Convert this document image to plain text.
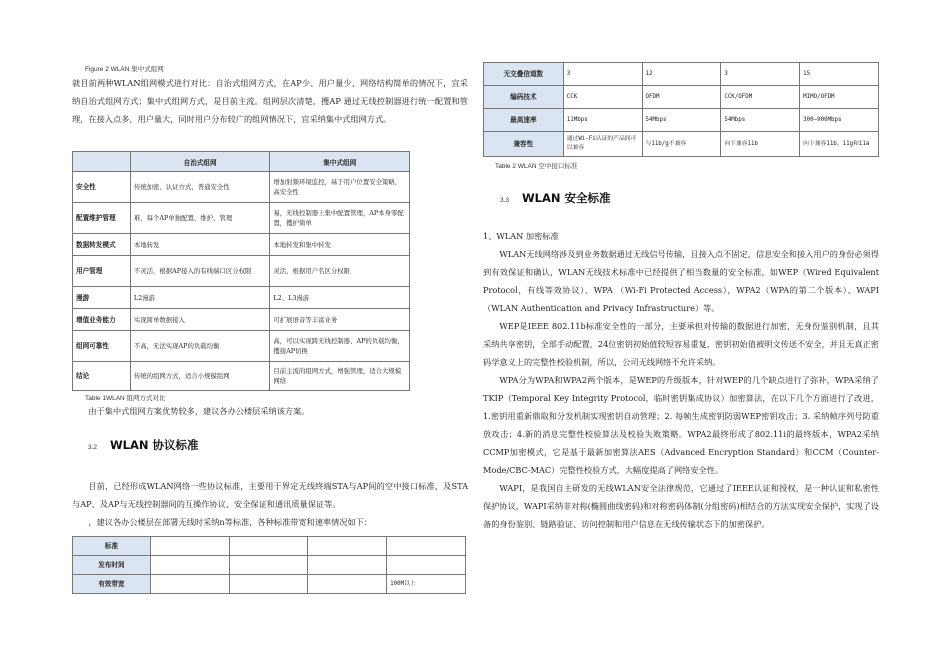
Figure 2 WLAN 集中式组网

就目前两种WLAN组网模式进行对比：自治式组网方式，在AP少、用户量少、网络结构简单的情况下，宜采纳自治式组网方式；集中式组网方式，是目前主流。组网层次清楚，擭AP 通过无线控制器进行统一配置和管理，在接入点多，用户量大，同时用户分布较广的组网情况下，宜采纳集中式组网方式。

	自治式组网	集中式组网
安全性	传统加密、认证方式，普通安全性	增加射频环境监控，基于用户位置安全策略，高安全性
配置维护管理	难，每个AP单独配置、维护、管理	易，无线控制器上集中配置管理，AP本身零配置，擭护简单
数据转发模式	本地转发	本地转发和集中转发
用户管理	不灵活，根据AP接入的有线端口区分权限	灵活，根据用户名区分权限
漫游	L2漫游	L2、L3漫游
增值业务能力	实现简单数据接入	可扩展语音等丰富业务
组网可靠性	不高，无法实现AP的负载均衡	高，可以实现跨无线控制器、AP的负载均衡，擭接AP切换
结论	传统的组网方式，适合小规模组网	目前主流的组网方式，增强管理，适合大规模网络
Table 1WLAN 组网方式对比

由于集中式组网方案优势较多，建议各办公楼层采纳该方案。

3.2	WLAN 协议标准

目前，已经形成WLAN网络一些协议标准，主要用于界定无线终端STA与AP间的空中接口标准，及STA与AP、及AP与无线控制器间的互操作协议、安全保证和通讯质量保证等。

，建议各办公楼层在部署无线时采纳n等标准，各种标准带宽和速率情况如下：

标准				
发布时间				
有效带宽				100M以上
无交叠信道数	3	12	3	15
编码技术	CCK	OFDM	CCK/OFDM	MIMO/OFDM
最高速率	11Mbps	54Mbps	54Mbps	300—900Mbps
兼容性	通过Wi-Fi认证的产品间可以兼容	与11b/g不兼容	向下兼容11b	向下兼容11b、11g和11a
Table 2 WLAN 空中接口标准
3.3	WLAN 安全标准

1、WLAN 加密标准

WLAN无线网络涉及到业务数据通过无线信号传输，且接入点不固定，信息安全和接入用户的身份必须得到有效保证和确认，WLAN无线技术标准中已经提供了相当数量的安全标准，如WEP（Wired Equivalent Protocol，有线等效协议）、WPA （Wi-Fi Protected Access），WPA2（WPA的第二个版本）、WAPI（WLAN Authentication and Privacy Infrastructure）等。

WEP是IEEE 802.11b标准安全性的一部分，主要承担对传输的数据进行加密，无身份鉴别机制，且其采纳共享密钥，全部手动配置，24位密钥初始值较短容易重复，密钥初始值被明文传送不安全，并且无真正密码学意义上的完整性校验机制，所以，公司无线网络不允许采纳。

WPA分为WPA和WPA2两个版本，是WEP的升级版本，针对WEP的几个缺点进行了弥补，WPA采纳了TKIP（Temporal Key Integrity Protocol，临时密钥集成协议）加密算法，在以下几个方面进行了改进，1.密钥用重新鼎取和分发机制实现密钥自动管理；2. 每帧生成密钥防弱WEP密钥攻击；3. 采纳帧序列号防重放攻击；4.新的消息完整性校验算法及校验失败策略。WPA2最终形成了802.11i的最终版本，WPA2采纳CCMP加密模式，它是基于最新加密算法AES（Advanced Encryption Standard）和CCM（Counter-Mode/CBC-MAC）完整性校验方式，大幅度提高了网络安全性。

WAPI，是我国自主研发的无线WLAN安全法律规范，它通过了IEEE认证和授权，是一种认证和私密性保护协议，WAPI采纳非对称(椭圆曲线密码)和对称密码体制(分组密码)相结合的方法实现安全保护，实现了设备的身份鉴别、链路验证、访问控制和用户信息在无线传输状态下的加密保护。
